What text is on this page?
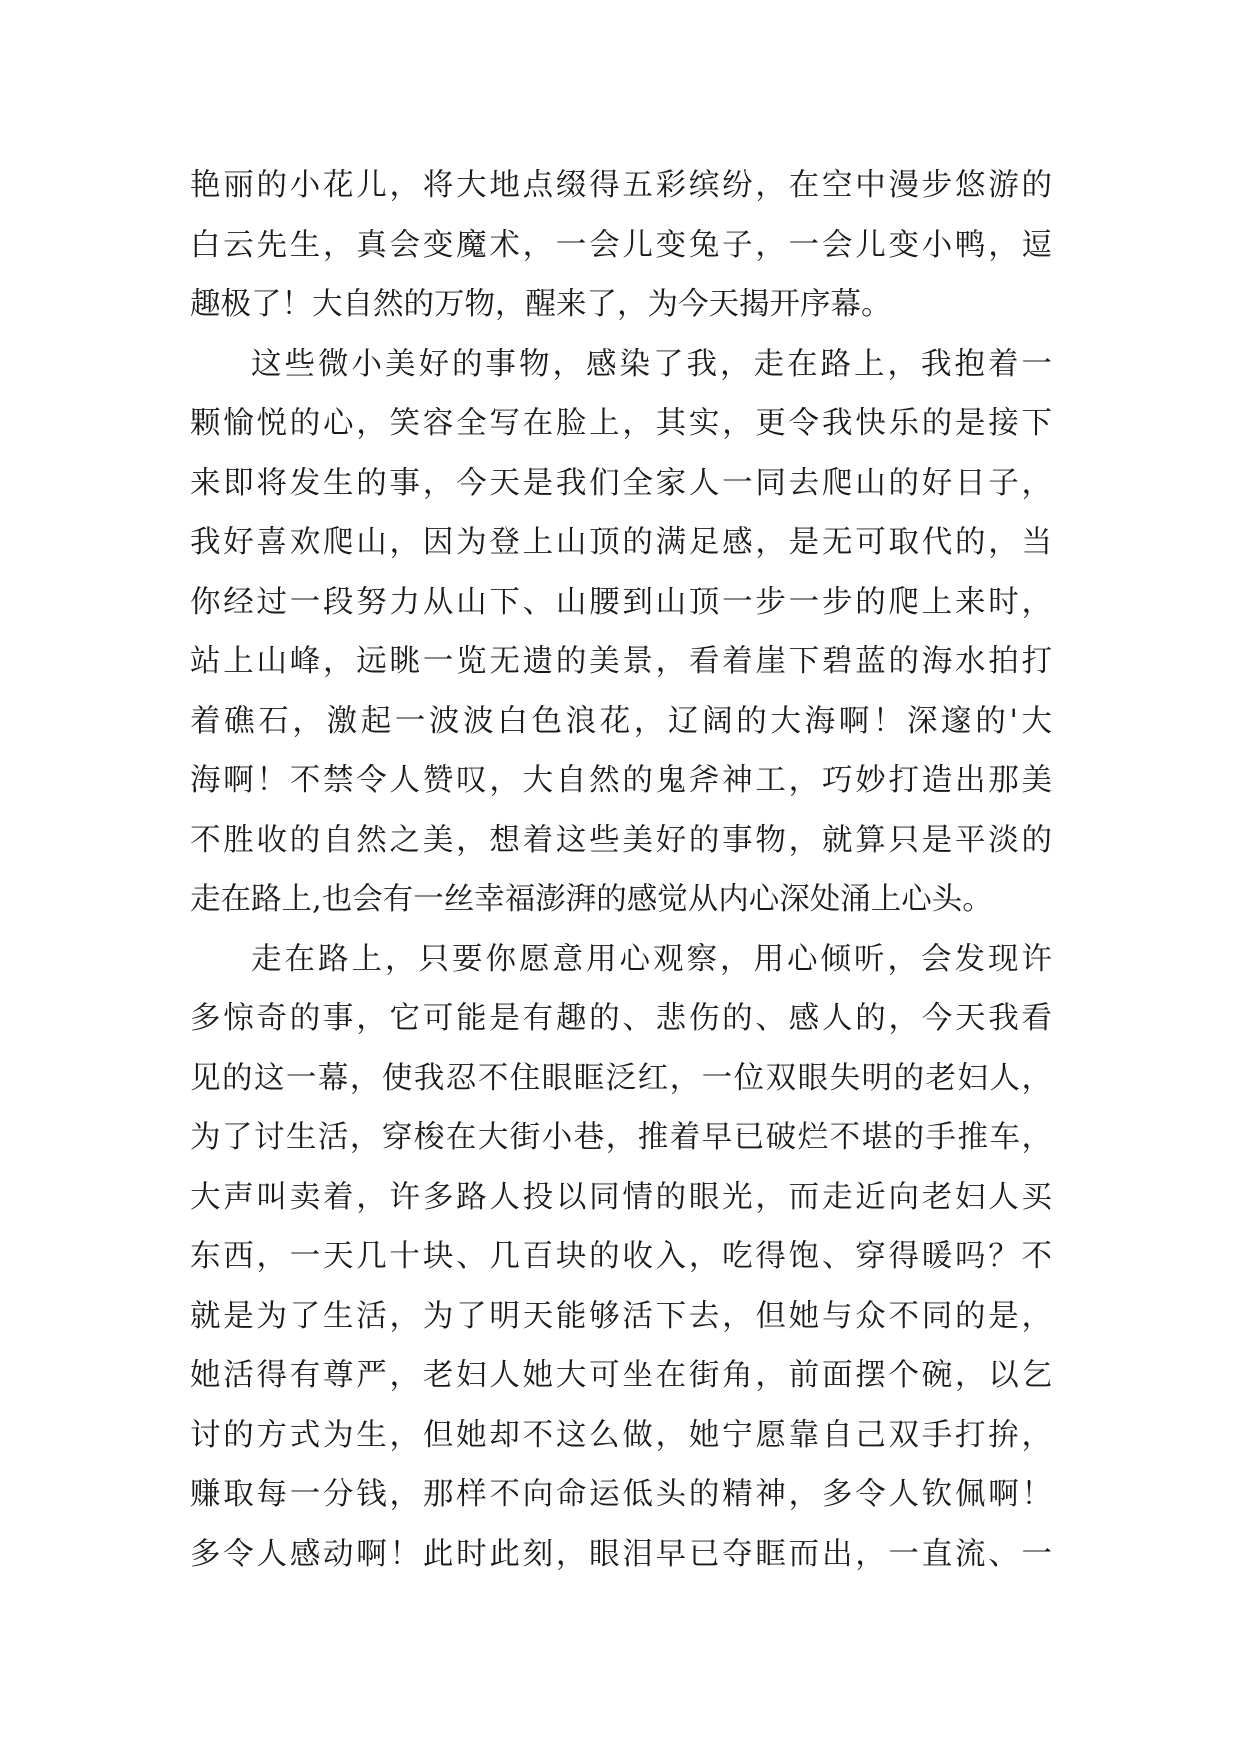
艳丽的小花儿，将大地点缀得五彩缤纷，在空中漫步悠游的
白云先生，真会变魔术，一会儿变兔子，一会儿变小鸭，逗
趣极了！大自然的万物，醒来了，为今天揭开序幕。
这些微小美好的事物，感染了我，走在路上，我抱着一
颗愉悦的心，笑容全写在脸上，其实，更令我快乐的是接下
来即将发生的事，今天是我们全家人一同去爬山的好日子，
我好喜欢爬山，因为登上山顶的满足感，是无可取代的，当
你经过一段努力从山下、山腰到山顶一步一步的爬上来时，
站上山峰，远眺一览无遗的美景，看着崖下碧蓝的海水拍打
着礁石，激起一波波白色浪花，辽阔的大海啊！深邃的'大
海啊！不禁令人赞叹，大自然的鬼斧神工，巧妙打造出那美
不胜收的自然之美，想着这些美好的事物，就算只是平淡的
走在路上,也会有一丝幸福澎湃的感觉从内心深处涌上心头。
走在路上，只要你愿意用心观察，用心倾听，会发现许
多惊奇的事，它可能是有趣的、悲伤的、感人的，今天我看
见的这一幕，使我忍不住眼眶泛红，一位双眼失明的老妇人，
为了讨生活，穿梭在大街小巷，推着早已破烂不堪的手推车，
大声叫卖着，许多路人投以同情的眼光，而走近向老妇人买
东西，一天几十块、几百块的收入，吃得饱、穿得暖吗？不
就是为了生活，为了明天能够活下去，但她与众不同的是，
她活得有尊严，老妇人她大可坐在街角，前面摆个碗，以乞
讨的方式为生，但她却不这么做，她宁愿靠自己双手打拚，
赚取每一分钱，那样不向命运低头的精神，多令人钦佩啊！
多令人感动啊！此时此刻，眼泪早已夺眶而出，一直流、一
